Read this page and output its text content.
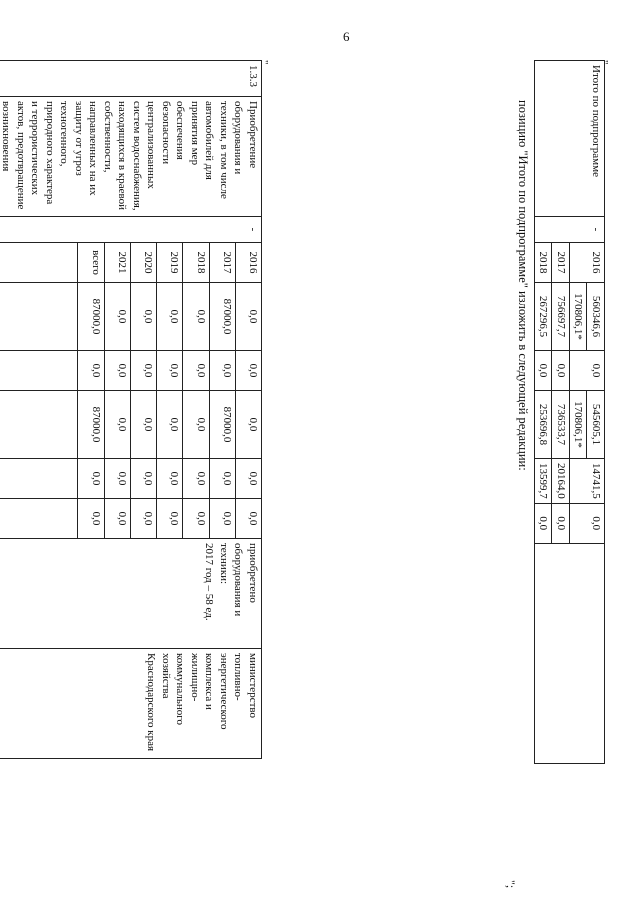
6
"
1.3.3	Приобретение оборудования и техники, в том числе автомобилей для принятия мер обеспечения безопасности централизованных систем водоснабжения, находящихся в краевой собственности, направленных на их защиту от угроз техногенного, природного характера и террористических актов, предотвращение возникновения	-	2016	0,0	0,0	0,0	0,0	0,0	приобретено оборудования и техники:
2017 год – 58 ед.	министерство топливно-энергетического комплекса и жилищно-коммунального хозяйства Краснодарского края
			2017	87000,0	0,0	87000,0	0,0	0,0		
			2018	0,0	0,0	0,0	0,0	0,0		
			2019	0,0	0,0	0,0	0,0	0,0		
			2020	0,0	0,0	0,0	0,0	0,0		
			2021	0,0	0,0	0,0	0,0	0,0		
			всего	87000,0	0,0	87000,0	0,0	0,0		

";
позицию "Итого по подпрограмме" изложить в следующей редакции:
"
Итого по подпрограмме	-	2016	560346,6	0,0	545605,1	14741,5	0,0	
			170806,1*		170806,1*			
		2017	756697,7	0,0	736533,7	20164,0	0,0	
		2018	267296,5	0,0	253696,8	13599,7	0,0	
